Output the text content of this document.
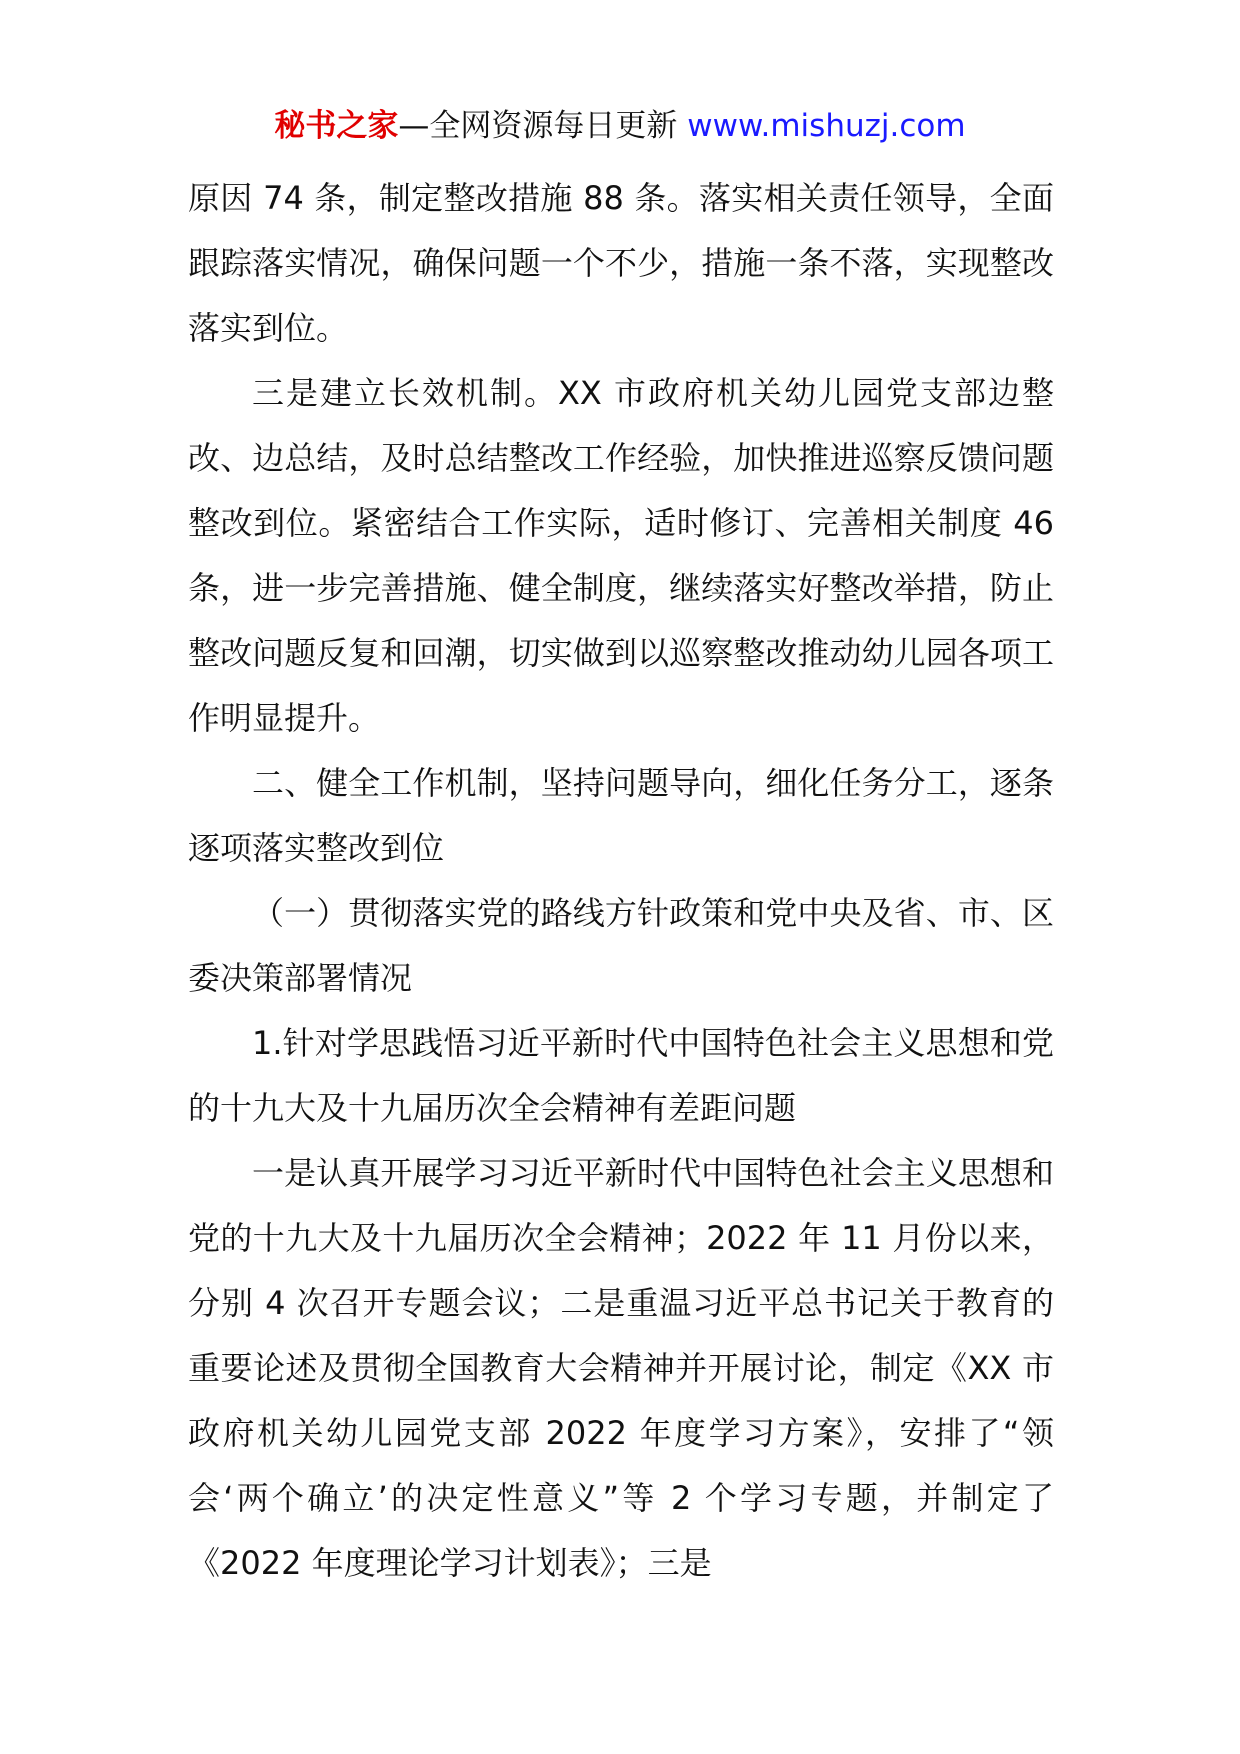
秘书之家—全网资源每日更新 www.mishuzj.com

原因 74 条，制定整改措施 88 条。落实相关责任领导，全面跟踪落实情况，确保问题一个不少，措施一条不落，实现整改落实到位。

三是建立长效机制。XX 市政府机关幼儿园党支部边整改、边总结，及时总结整改工作经验，加快推进巡察反馈问题整改到位。紧密结合工作实际，适时修订、完善相关制度 46 条，进一步完善措施、健全制度，继续落实好整改举措，防止整改问题反复和回潮，切实做到以巡察整改推动幼儿园各项工作明显提升。

二、健全工作机制，坚持问题导向，细化任务分工，逐条逐项落实整改到位

（一）贯彻落实党的路线方针政策和党中央及省、市、区委决策部署情况

1.针对学思践悟习近平新时代中国特色社会主义思想和党的十九大及十九届历次全会精神有差距问题

一是认真开展学习习近平新时代中国特色社会主义思想和党的十九大及十九届历次全会精神；2022 年 11 月份以来，分别 4 次召开专题会议；二是重温习近平总书记关于教育的重要论述及贯彻全国教育大会精神并开展讨论，制定《XX 市政府机关幼儿园党支部 2022 年度学习方案》，安排了“领会‘两个确立’的决定性意义”等 2 个学习专题，并制定了《2022 年度理论学习计划表》；三是
